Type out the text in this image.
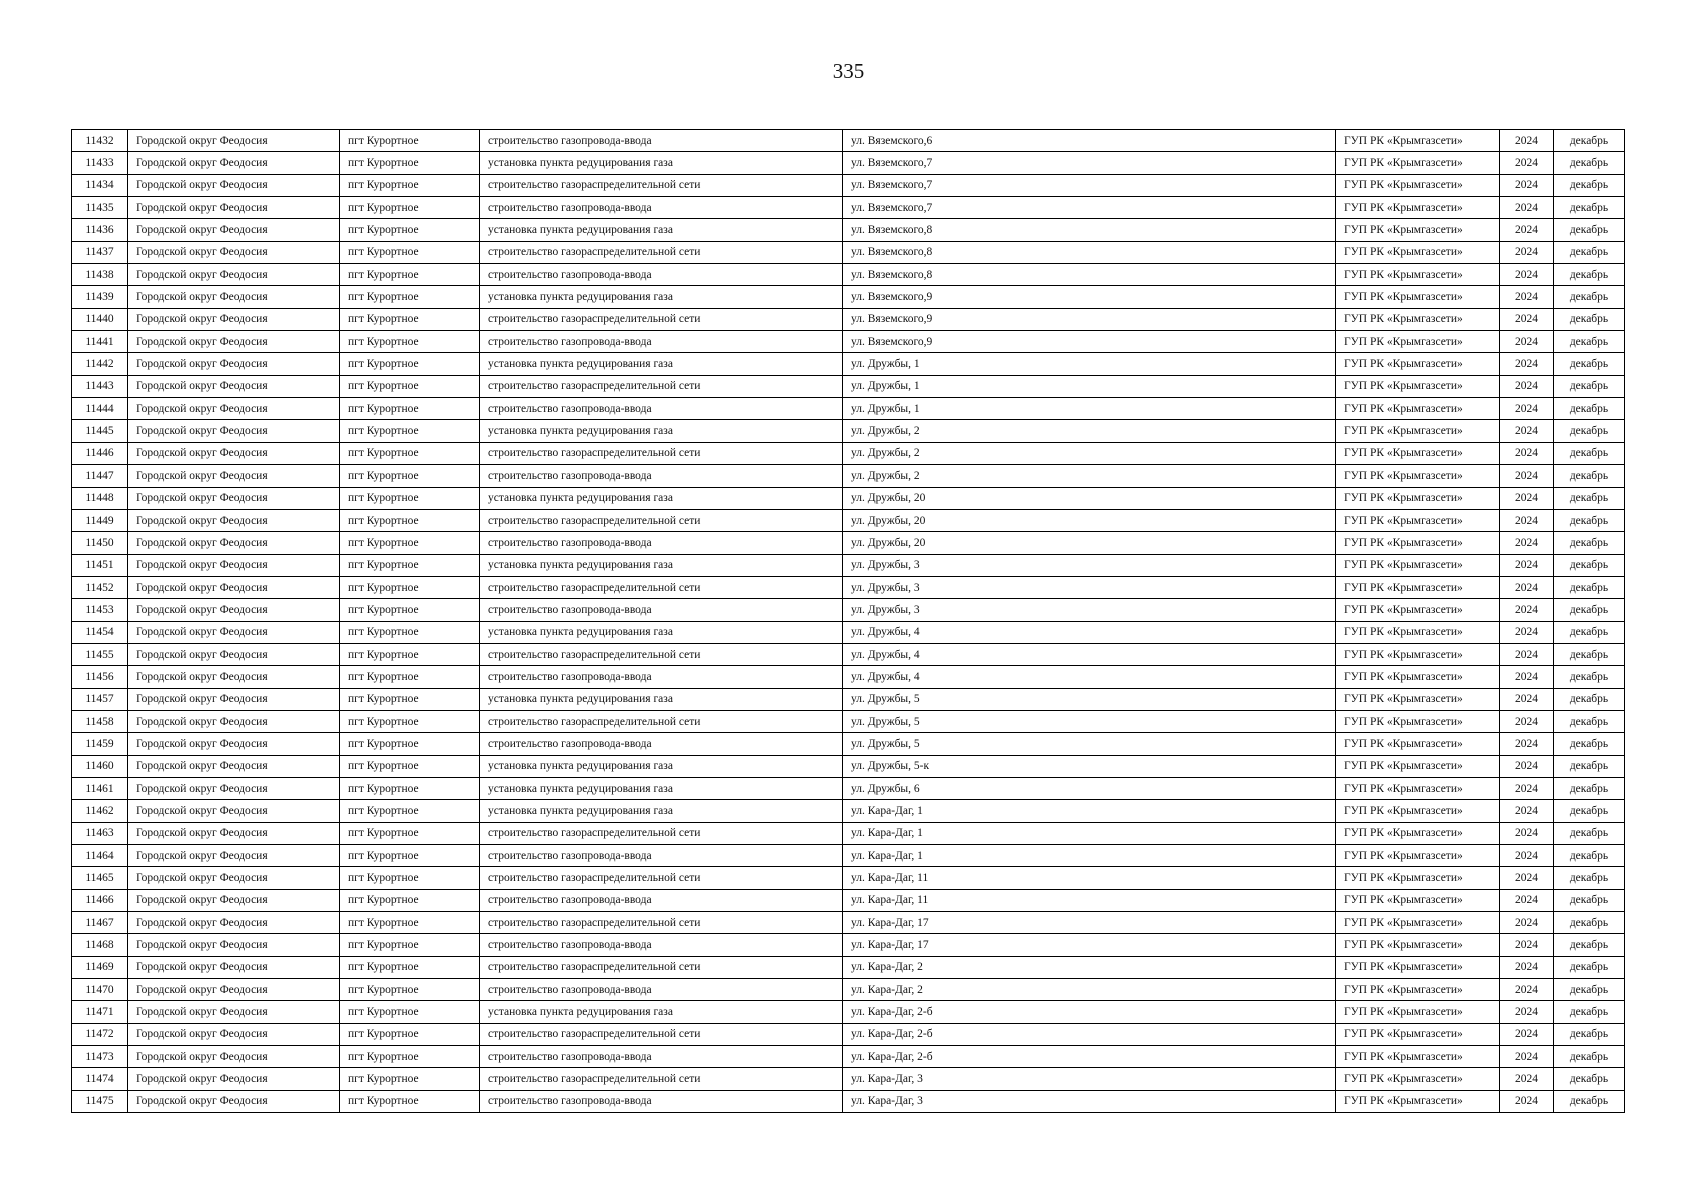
335
11432	Городской округ Феодосия	пгт Курортное	строительство газопровода-ввода	ул. Вяземского,6	ГУП РК «Крымгазсети»	2024	декабрь
11433	Городской округ Феодосия	пгт Курортное	установка пункта редуцирования газа	ул. Вяземского,7	ГУП РК «Крымгазсети»	2024	декабрь
11434	Городской округ Феодосия	пгт Курортное	строительство газораспределительной сети	ул. Вяземского,7	ГУП РК «Крымгазсети»	2024	декабрь
11435	Городской округ Феодосия	пгт Курортное	строительство газопровода-ввода	ул. Вяземского,7	ГУП РК «Крымгазсети»	2024	декабрь
11436	Городской округ Феодосия	пгт Курортное	установка пункта редуцирования газа	ул. Вяземского,8	ГУП РК «Крымгазсети»	2024	декабрь
11437	Городской округ Феодосия	пгт Курортное	строительство газораспределительной сети	ул. Вяземского,8	ГУП РК «Крымгазсети»	2024	декабрь
11438	Городской округ Феодосия	пгт Курортное	строительство газопровода-ввода	ул. Вяземского,8	ГУП РК «Крымгазсети»	2024	декабрь
11439	Городской округ Феодосия	пгт Курортное	установка пункта редуцирования газа	ул. Вяземского,9	ГУП РК «Крымгазсети»	2024	декабрь
11440	Городской округ Феодосия	пгт Курортное	строительство газораспределительной сети	ул. Вяземского,9	ГУП РК «Крымгазсети»	2024	декабрь
11441	Городской округ Феодосия	пгт Курортное	строительство газопровода-ввода	ул. Вяземского,9	ГУП РК «Крымгазсети»	2024	декабрь
11442	Городской округ Феодосия	пгт Курортное	установка пункта редуцирования газа	ул. Дружбы, 1	ГУП РК «Крымгазсети»	2024	декабрь
11443	Городской округ Феодосия	пгт Курортное	строительство газораспределительной сети	ул. Дружбы, 1	ГУП РК «Крымгазсети»	2024	декабрь
11444	Городской округ Феодосия	пгт Курортное	строительство газопровода-ввода	ул. Дружбы, 1	ГУП РК «Крымгазсети»	2024	декабрь
11445	Городской округ Феодосия	пгт Курортное	установка пункта редуцирования газа	ул. Дружбы, 2	ГУП РК «Крымгазсети»	2024	декабрь
11446	Городской округ Феодосия	пгт Курортное	строительство газораспределительной сети	ул. Дружбы, 2	ГУП РК «Крымгазсети»	2024	декабрь
11447	Городской округ Феодосия	пгт Курортное	строительство газопровода-ввода	ул. Дружбы, 2	ГУП РК «Крымгазсети»	2024	декабрь
11448	Городской округ Феодосия	пгт Курортное	установка пункта редуцирования газа	ул. Дружбы, 20	ГУП РК «Крымгазсети»	2024	декабрь
11449	Городской округ Феодосия	пгт Курортное	строительство газораспределительной сети	ул. Дружбы, 20	ГУП РК «Крымгазсети»	2024	декабрь
11450	Городской округ Феодосия	пгт Курортное	строительство газопровода-ввода	ул. Дружбы, 20	ГУП РК «Крымгазсети»	2024	декабрь
11451	Городской округ Феодосия	пгт Курортное	установка пункта редуцирования газа	ул. Дружбы, 3	ГУП РК «Крымгазсети»	2024	декабрь
11452	Городской округ Феодосия	пгт Курортное	строительство газораспределительной сети	ул. Дружбы, 3	ГУП РК «Крымгазсети»	2024	декабрь
11453	Городской округ Феодосия	пгт Курортное	строительство газопровода-ввода	ул. Дружбы, 3	ГУП РК «Крымгазсети»	2024	декабрь
11454	Городской округ Феодосия	пгт Курортное	установка пункта редуцирования газа	ул. Дружбы, 4	ГУП РК «Крымгазсети»	2024	декабрь
11455	Городской округ Феодосия	пгт Курортное	строительство газораспределительной сети	ул. Дружбы, 4	ГУП РК «Крымгазсети»	2024	декабрь
11456	Городской округ Феодосия	пгт Курортное	строительство газопровода-ввода	ул. Дружбы, 4	ГУП РК «Крымгазсети»	2024	декабрь
11457	Городской округ Феодосия	пгт Курортное	установка пункта редуцирования газа	ул. Дружбы, 5	ГУП РК «Крымгазсети»	2024	декабрь
11458	Городской округ Феодосия	пгт Курортное	строительство газораспределительной сети	ул. Дружбы, 5	ГУП РК «Крымгазсети»	2024	декабрь
11459	Городской округ Феодосия	пгт Курортное	строительство газопровода-ввода	ул. Дружбы, 5	ГУП РК «Крымгазсети»	2024	декабрь
11460	Городской округ Феодосия	пгт Курортное	установка пункта редуцирования газа	ул. Дружбы, 5-к	ГУП РК «Крымгазсети»	2024	декабрь
11461	Городской округ Феодосия	пгт Курортное	установка пункта редуцирования газа	ул. Дружбы, 6	ГУП РК «Крымгазсети»	2024	декабрь
11462	Городской округ Феодосия	пгт Курортное	установка пункта редуцирования газа	ул. Кара-Даг, 1	ГУП РК «Крымгазсети»	2024	декабрь
11463	Городской округ Феодосия	пгт Курортное	строительство газораспределительной сети	ул. Кара-Даг, 1	ГУП РК «Крымгазсети»	2024	декабрь
11464	Городской округ Феодосия	пгт Курортное	строительство газопровода-ввода	ул. Кара-Даг, 1	ГУП РК «Крымгазсети»	2024	декабрь
11465	Городской округ Феодосия	пгт Курортное	строительство газораспределительной сети	ул. Кара-Даг, 11	ГУП РК «Крымгазсети»	2024	декабрь
11466	Городской округ Феодосия	пгт Курортное	строительство газопровода-ввода	ул. Кара-Даг, 11	ГУП РК «Крымгазсети»	2024	декабрь
11467	Городской округ Феодосия	пгт Курортное	строительство газораспределительной сети	ул. Кара-Даг, 17	ГУП РК «Крымгазсети»	2024	декабрь
11468	Городской округ Феодосия	пгт Курортное	строительство газопровода-ввода	ул. Кара-Даг, 17	ГУП РК «Крымгазсети»	2024	декабрь
11469	Городской округ Феодосия	пгт Курортное	строительство газораспределительной сети	ул. Кара-Даг, 2	ГУП РК «Крымгазсети»	2024	декабрь
11470	Городской округ Феодосия	пгт Курортное	строительство газопровода-ввода	ул. Кара-Даг, 2	ГУП РК «Крымгазсети»	2024	декабрь
11471	Городской округ Феодосия	пгт Курортное	установка пункта редуцирования газа	ул. Кара-Даг, 2-б	ГУП РК «Крымгазсети»	2024	декабрь
11472	Городской округ Феодосия	пгт Курортное	строительство газораспределительной сети	ул. Кара-Даг, 2-б	ГУП РК «Крымгазсети»	2024	декабрь
11473	Городской округ Феодосия	пгт Курортное	строительство газопровода-ввода	ул. Кара-Даг, 2-б	ГУП РК «Крымгазсети»	2024	декабрь
11474	Городской округ Феодосия	пгт Курортное	строительство газораспределительной сети	ул. Кара-Даг, 3	ГУП РК «Крымгазсети»	2024	декабрь
11475	Городской округ Феодосия	пгт Курортное	строительство газопровода-ввода	ул. Кара-Даг, 3	ГУП РК «Крымгазсети»	2024	декабрь
